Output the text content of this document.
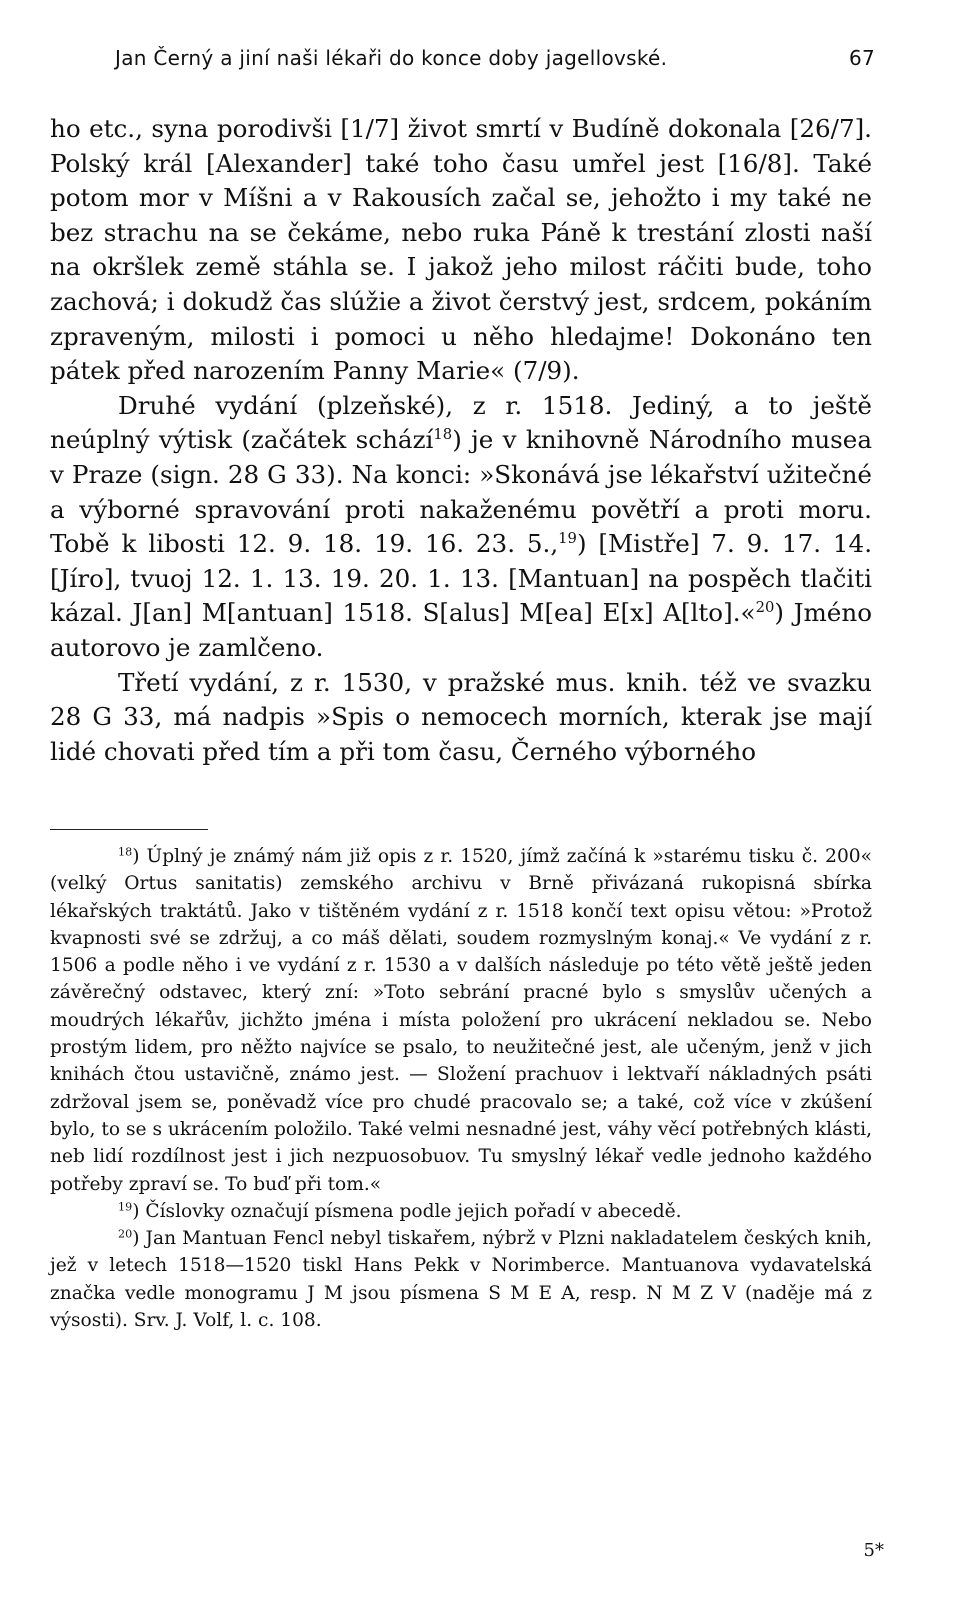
Jan Černý a jiní naši lékaři do konce doby jagellovské.	67

ho etc., syna porodivši [1/7] život smrtí v Budíně dokonala [26/7]. Polský král [Alexander] také toho času umřel jest [16/8]. Také potom mor v Míšni a v Rakousích začal se, jehožto i my také ne bez strachu na se čekáme, nebo ruka Páně k trestání zlosti naší na okršlek země stáhla se. I jakož jeho milost ráčiti bude, toho zachová; i dokudž čas slúžie a život čerstvý jest, srdcem, pokáním zpraveným, milosti i pomoci u něho hledajme! Dokonáno ten pátek před narozením Panny Marie« (7/9).

Druhé vydání (plzeňské), z r. 1518. Jediný, a to ještě neúplný výtisk (začátek schází$^{18}$) je v knihovně Národního musea v Praze (sign. 28 G 33). Na konci: »Skonává jse lékařství užitečné a výborné spravování proti nakaženému povětří a proti moru. Tobě k libosti 12. 9. 18. 19. 16. 23. 5.,$^{19}$) [Mistře] 7. 9. 17. 14. [Jíro], tvuoj 12. 1. 13. 19. 20. 1. 13. [Mantuan] na pospěch tlačiti kázal. J[an] M[antuan] 1518. S[alus] M[ea] E[x] A[lto].«$^{20}$) Jméno autorovo je zamlčeno.

Třetí vydání, z r. 1530, v pražské mus. knih. též ve svazku 28 G 33, má nadpis »Spis o nemocech morních, kterak jse mají lidé chovati před tím a při tom času, Černého výborného

$^{18}$) Úplný je známý nám již opis z r. 1520, jímž začíná k »starému tisku č. 200« (velký Ortus sanitatis) zemského archivu v Brně přivázaná rukopisná sbírka lékařských traktátů. Jako v tištěném vydání z r. 1518 končí text opisu větou: »Protož kvapnosti své se zdržuj, a co máš dělati, soudem rozmyslným konaj.« Ve vydání z r. 1506 a podle něho i ve vydání z r. 1530 a v dalších následuje po této větě ještě jeden závěrečný odstavec, který zní: »Toto sebrání pracné bylo s smyslův učených a moudrých lékařův, jichžto jména i místa položení pro ukrácení nekladou se. Nebo prostým lidem, pro něžto najvíce se psalo, to neužitečné jest, ale učeným, jenž v jich knihách čtou ustavičně, známo jest. — Složení prachuov i lektvaří nákladných psáti zdržoval jsem se, poněvadž více pro chudé pracovalo se; a také, což více v zkúšení bylo, to se s ukrácením položilo. Také velmi nesnadné jest, váhy věcí potřebných klásti, neb lidí rozdílnost jest i jich nezpuosobuov. Tu smyslný lékař vedle jednoho každého potřeby zpraví se. To buď při tom.«

$^{19}$) Číslovky označují písmena podle jejich pořadí v abecedě.

$^{20}$) Jan Mantuan Fencl nebyl tiskařem, nýbrž v Plzni nakladatelem českých knih, jež v letech 1518—1520 tiskl Hans Pekk v Norimberce. Mantuanova vydavatelská značka vedle monogramu J M jsou písmena S M E A, resp. N M Z V (naděje má z výsosti). Srv. J. Volf, l. c. 108.

5*
